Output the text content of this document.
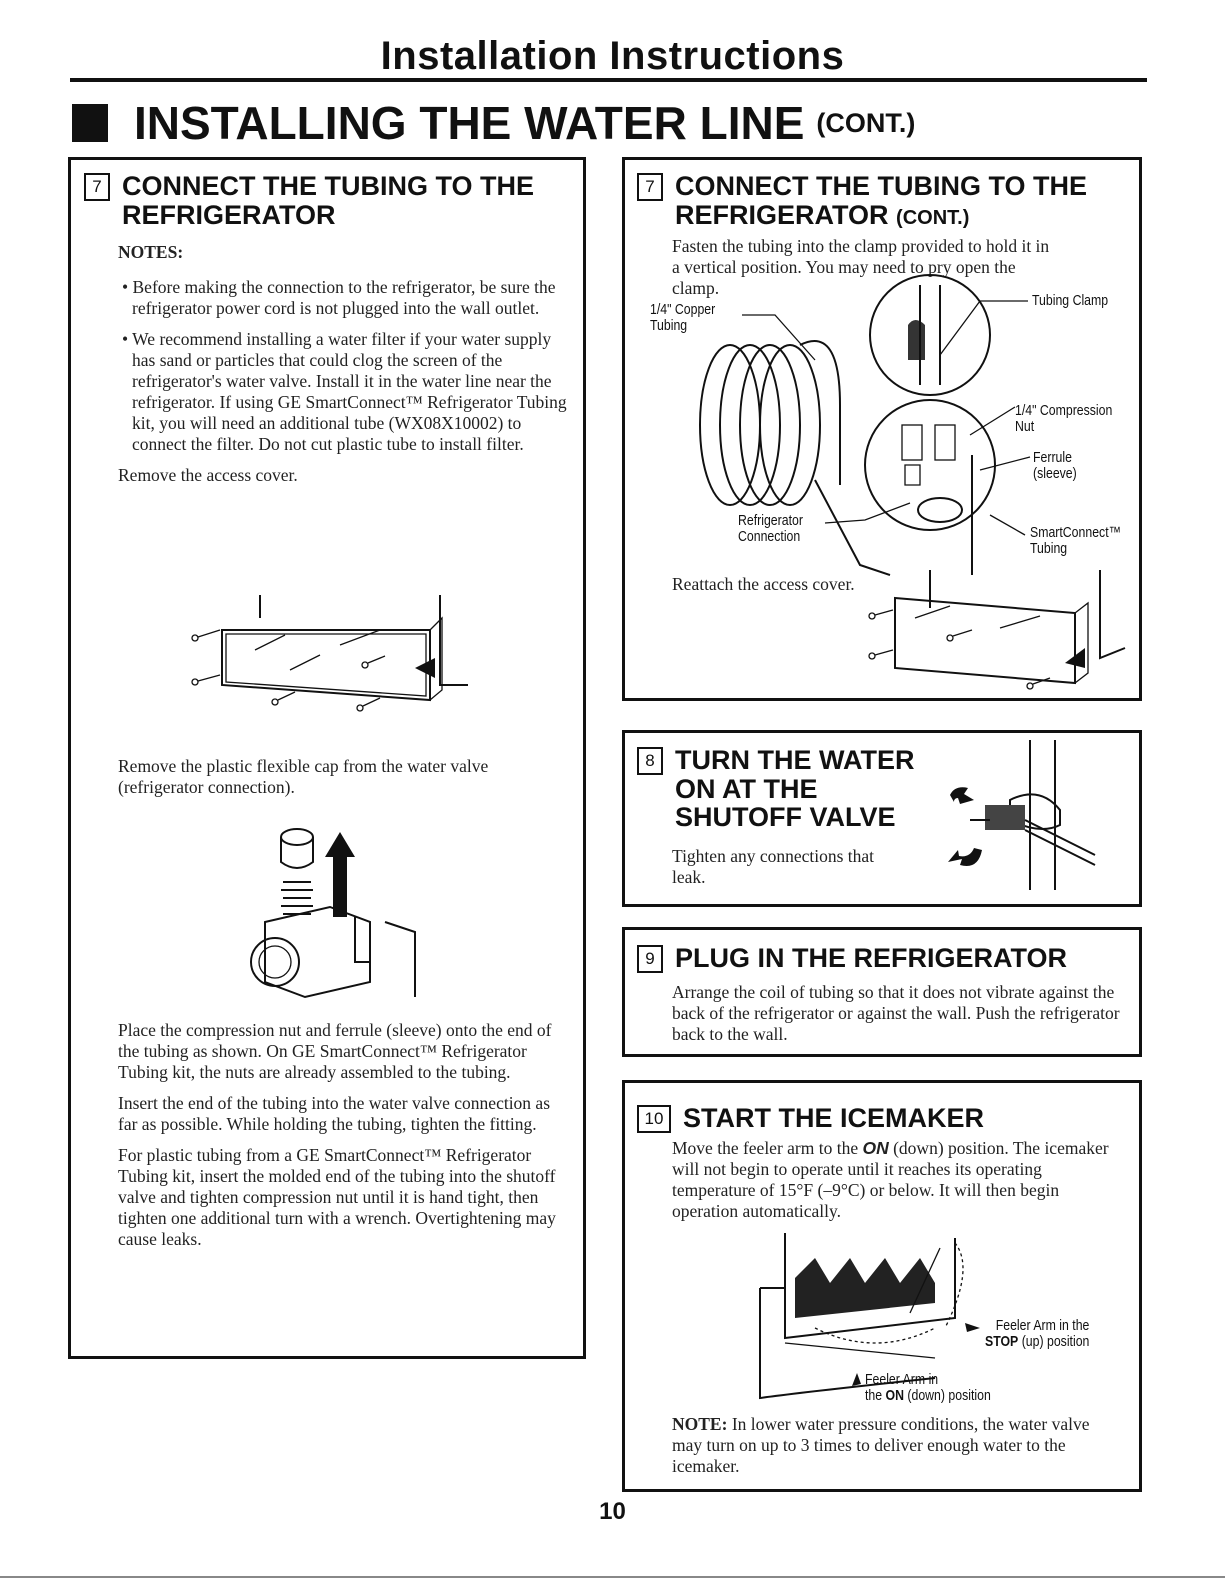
Installation Instructions
INSTALLING THE WATER LINE (CONT.)
7 CONNECT THE TUBING TO THE
REFRIGERATOR

NOTES:

• Before making the connection to the refrigerator, be sure the refrigerator power cord is not plugged into the wall outlet.

• We recommend installing a water filter if your water supply has sand or particles that could clog the screen of the refrigerator's water valve. Install it in the water line near the refrigerator. If using GE SmartConnect™ Refrigerator Tubing kit, you will need an additional tube (WX08X10002) to connect the filter. Do not cut plastic tube to install filter.

Remove the access cover.

Remove the plastic flexible cap from the water valve (refrigerator connection).

Place the compression nut and ferrule (sleeve) onto the end of the tubing as shown. On GE SmartConnect™ Refrigerator Tubing kit, the nuts are already assembled to the tubing.

Insert the end of the tubing into the water valve connection as far as possible. While holding the tubing, tighten the fitting.

For plastic tubing from a GE SmartConnect™ Refrigerator Tubing kit, insert the molded end of the tubing into the shutoff valve and tighten compression nut until it is hand tight, then tighten one additional turn with a wrench. Overtightening may cause leaks.

7 CONNECT THE TUBING TO THE
REFRIGERATOR (CONT.)
Fasten the tubing into the clamp provided to hold it in a vertical position. You may need to pry open the clamp.
1/4" Copper
Tubing
Tubing Clamp
1/4" Compression
Nut
Ferrule
(sleeve)
Refrigerator
Connection	SmartConnect™
Tubing
Reattach the access cover.
8 TURN THE WATER
ON AT THE
SHUTOFF VALVE
Tighten any connections that leak.
9 PLUG IN THE REFRIGERATOR
Arrange the coil of tubing so that it does not vibrate against the back of the refrigerator or against the wall. Push the refrigerator back to the wall.
10 START THE ICEMAKER
Move the feeler arm to the ON (down) position. The icemaker will not begin to operate until it reaches its operating temperature of 15°F (–9°C) or below. It will then begin operation automatically.
Feeler Arm in the
STOP (up) position
Feeler Arm in
the ON (down) position
NOTE: In lower water pressure conditions, the water valve may turn on up to 3 times to deliver enough water to the icemaker.
10
